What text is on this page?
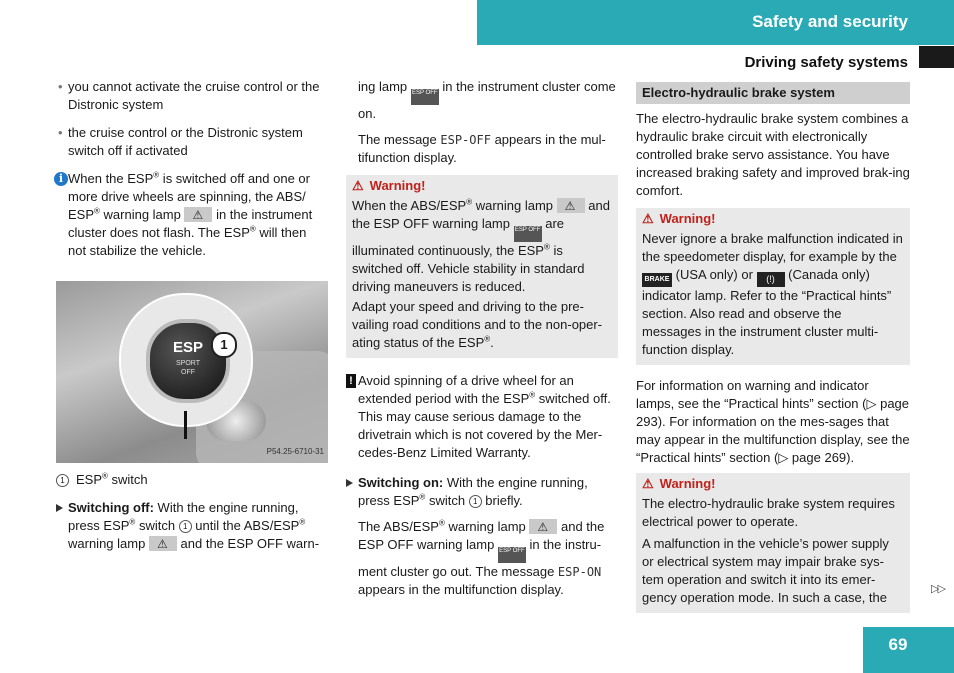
Safety and security
Driving safety systems
• you cannot activate the cruise control or the Distronic system
• the cruise control or the Distronic system switch off if activated
i When the ESP® is switched off and one or more drive wheels are spinning, the ABS/ ESP® warning lamp ⚠ in the instrument cluster does not flash. The ESP® will then not stabilize the vehicle.
ESP
SPORT
OFF
1
P54.25-6710-31
1 ESP® switch
Switching off: With the engine running, press ESP® switch 1 until the ABS/ESP® warning lamp ⚠ and the ESP OFF warn-

ing lamp ESP OFF in the instrument cluster come on.

The message ESP-OFF appears in the mul-tifunction display.

⚠ Warning!

When the ABS/ESP® warning lamp ⚠ and the ESP OFF warning lamp ESP OFF are illuminated continuously, the ESP® is switched off. Vehicle stability in standard driving maneuvers is reduced.

Adapt your speed and driving to the pre-vailing road conditions and to the non-oper-ating status of the ESP®.

! Avoid spinning of a drive wheel for an extended period with the ESP® switched off. This may cause serious damage to the drivetrain which is not covered by the Mer-cedes-Benz Limited Warranty.
Switching on: With the engine running, press ESP® switch 1 briefly.

The ABS/ESP® warning lamp ⚠ and the ESP OFF warning lamp ESP OFF in the instru-ment cluster go out. The message ESP-ON appears in the multifunction display.

Electro-hydraulic brake system

The electro-hydraulic brake system combines a hydraulic brake circuit with electronically controlled brake servo assistance. You have increased braking safety and improved brak-ing comfort.

⚠ Warning!

Never ignore a brake malfunction indicated in the speedometer display, for example by the BRAKE (USA only) or (!) (Canada only) indicator lamp. Refer to the “Practical hints” section. Also read and observe the messages in the instrument cluster multi-function display.

For information on warning and indicator lamps, see the “Practical hints” section (▷ page 293). For information on the mes-sages that may appear in the multifunction display, see the “Practical hints” section (▷ page 269).

⚠ Warning!

The electro-hydraulic brake system requires electrical power to operate.

A malfunction in the vehicle’s power supply or electrical system may impair brake sys-tem operation and switch it into its emer-gency operation mode. In such a case, the

▷▷
69
